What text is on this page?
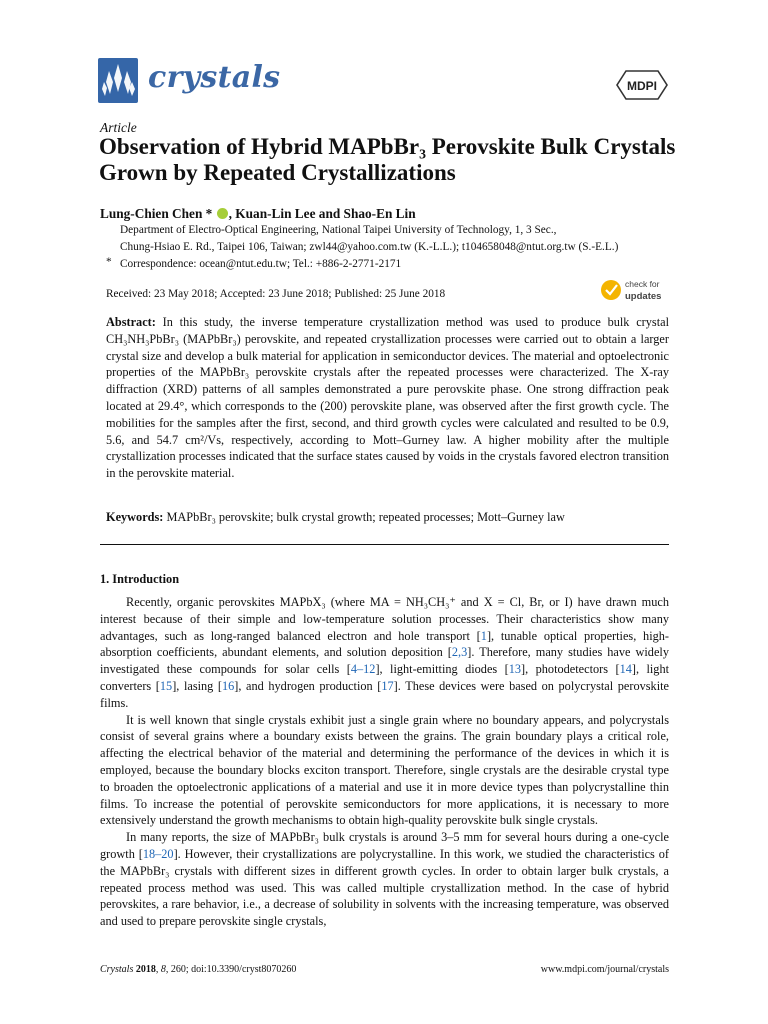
crystals	MDPI
Article
Observation of Hybrid MAPbBr₃ Perovskite Bulk Crystals Grown by Repeated Crystallizations
Lung-Chien Chen * , Kuan-Lin Lee and Shao-En Lin
Department of Electro-Optical Engineering, National Taipei University of Technology, 1, 3 Sec.,
Chung-Hsiao E. Rd., Taipei 106, Taiwan; zwl44@yahoo.com.tw (K.-L.L.); t104658048@ntut.org.tw (S.-E.L.)
* Correspondence: ocean@ntut.edu.tw; Tel.: +886-2-2771-2171
Received: 23 May 2018; Accepted: 23 June 2018; Published: 25 June 2018
check for
updates
Abstract: In this study, the inverse temperature crystallization method was used to produce bulk crystal CH₃NH₃PbBr₃ (MAPbBr₃) perovskite, and repeated crystallization processes were carried out to obtain a larger crystal size and develop a bulk material for application in semiconductor devices. The material and optoelectronic properties of the MAPbBr₃ perovskite crystals after the repeated processes were characterized. The X-ray diffraction (XRD) patterns of all samples demonstrated a pure perovskite phase. One strong diffraction peak located at 29.4°, which corresponds to the (200) perovskite plane, was observed after the first growth cycle. The mobilities for the samples after the first, second, and third growth cycles were calculated and resulted to be 0.9, 5.6, and 54.7 cm²/Vs, respectively, according to Mott–Gurney law. A higher mobility after the multiple crystallization processes indicated that the surface states caused by voids in the crystals favored electron transition in the perovskite material.
Keywords: MAPbBr₃ perovskite; bulk crystal growth; repeated processes; Mott–Gurney law
1. Introduction

Recently, organic perovskites MAPbX₃ (where MA = NH₃CH₃⁺ and X = Cl, Br, or I) have drawn much interest because of their simple and low-temperature solution processes. Their characteristics show many advantages, such as long-ranged balanced electron and hole transport [1], tunable optical properties, high-absorption coefficients, abundant elements, and solution deposition [2,3]. Therefore, many studies have widely investigated these compounds for solar cells [4–12], light-emitting diodes [13], photodetectors [14], light converters [15], lasing [16], and hydrogen production [17]. These devices were based on polycrystal perovskite films.

It is well known that single crystals exhibit just a single grain where no boundary appears, and polycrystals consist of several grains where a boundary exists between the grains. The grain boundary plays a critical role, affecting the electrical behavior of the material and determining the performance of the devices in which it is employed, because the boundary blocks exciton transport. Therefore, single crystals are the desirable crystal type to broaden the optoelectronic applications of a material and use it in more device types than polycrystalline thin films. To increase the potential of perovskite semiconductors for more applications, it is necessary to more extensively understand the growth mechanisms to obtain high-quality perovskite bulk single crystals.

In many reports, the size of MAPbBr₃ bulk crystals is around 3–5 mm for several hours during a one-cycle growth [18–20]. However, their crystallizations are polycrystalline. In this work, we studied the characteristics of the MAPbBr₃ crystals with different sizes in different growth cycles. In order to obtain larger bulk crystals, a repeated process method was used. This was called multiple crystallization method. In the case of hybrid perovskites, a rare behavior, i.e., a decrease of solubility in solvents with the increasing temperature, was observed and used to prepare perovskite single crystals,

Crystals 2018, 8, 260; doi:10.3390/cryst8070260	www.mdpi.com/journal/crystals
